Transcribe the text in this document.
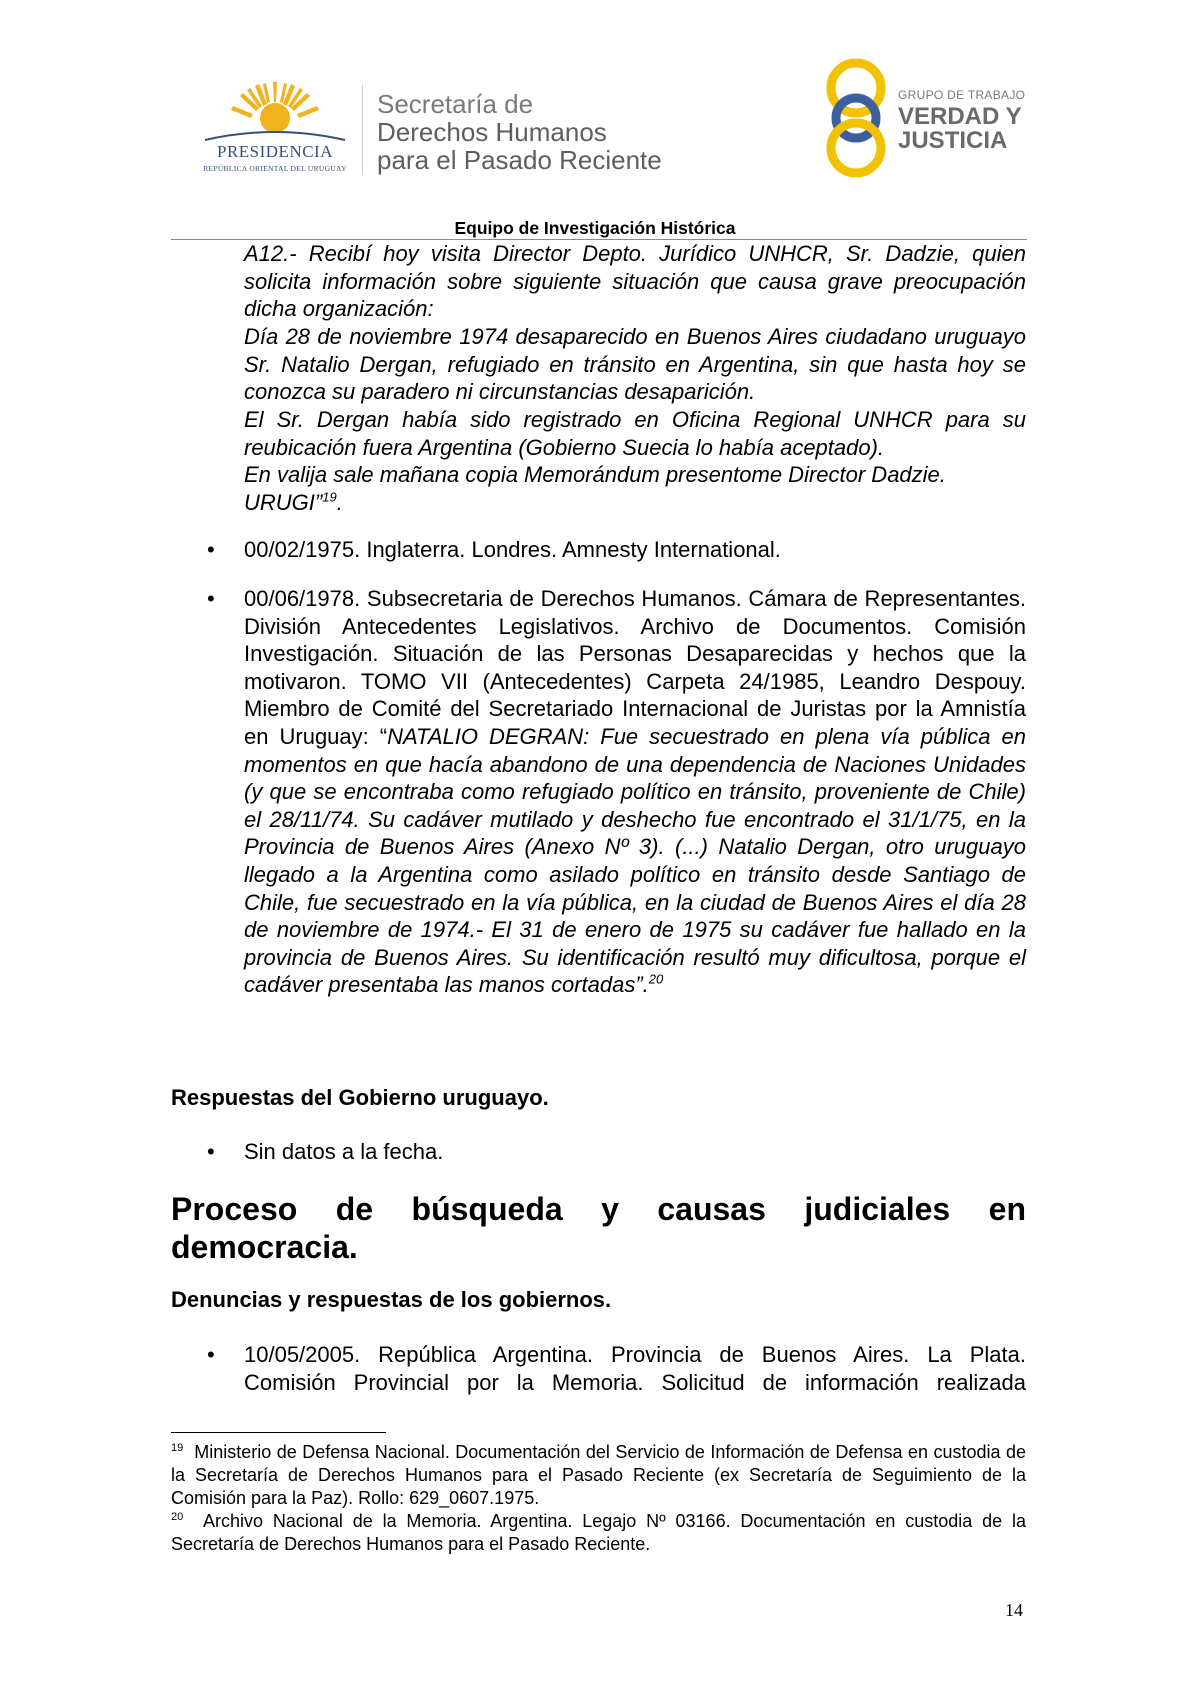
PRESIDENCIA
REPÚBLICA ORIENTAL DEL URUGUAY
Secretaría de
Derechos Humanos
para el Pasado Reciente
GRUPO DE TRABAJO
VERDAD Y
JUSTICIA
Equipo de Investigación Histórica
A12.- Recibí hoy visita Director Depto. Jurídico UNHCR, Sr. Dadzie, quien solicita información sobre siguiente situación que causa grave preocupación dicha organización:
Día 28 de noviembre 1974 desaparecido en Buenos Aires ciudadano uruguayo Sr. Natalio Dergan, refugiado en tránsito en Argentina, sin que hasta hoy se conozca su paradero ni circunstancias desaparición.
El Sr. Dergan había sido registrado en Oficina Regional UNHCR para su reubicación fuera Argentina (Gobierno Suecia lo había aceptado).
En valija sale mañana copia Memorándum presentome Director Dadzie.
URUGI”$^{19}$.
• 00/02/1975. Inglaterra. Londres. Amnesty International.
• 00/06/1978. Subsecretaria de Derechos Humanos. Cámara de Representantes. División Antecedentes Legislativos. Archivo de Documentos. Comisión Investigación. Situación de las Personas Desaparecidas y hechos que la motivaron. TOMO VII (Antecedentes) Carpeta 24/1985, Leandro Despouy. Miembro de Comité del Secretariado Internacional de Juristas por la Amnistía en Uruguay: “NATALIO DEGRAN: Fue secuestrado en plena vía pública en momentos en que hacía abandono de una dependencia de Naciones Unidades (y que se encontraba como refugiado político en tránsito, proveniente de Chile) el 28/11/74. Su cadáver mutilado y deshecho fue encontrado el 31/1/75, en la Provincia de Buenos Aires (Anexo Nº 3). (...) Natalio Dergan, otro uruguayo llegado a la Argentina como asilado político en tránsito desde Santiago de Chile, fue secuestrado en la vía pública, en la ciudad de Buenos Aires el día 28 de noviembre de 1974.- El 31 de enero de 1975 su cadáver fue hallado en la provincia de Buenos Aires. Su identificación resultó muy dificultosa, porque el cadáver presentaba las manos cortadas”.$^{20}$
Respuestas del Gobierno uruguayo.
• Sin datos a la fecha.
Proceso de búsqueda y causas judiciales en democracia.
Denuncias y respuestas de los gobiernos.
• 10/05/2005. República Argentina. Provincia de Buenos Aires. La Plata. Comisión Provincial por la Memoria. Solicitud de información realizada
$^{19}$ Ministerio de Defensa Nacional. Documentación del Servicio de Información de Defensa en custodia de la Secretaría de Derechos Humanos para el Pasado Reciente (ex Secretaría de Seguimiento de la Comisión para la Paz). Rollo: 629_0607.1975.
$^{20}$ Archivo Nacional de la Memoria. Argentina. Legajo Nº 03166. Documentación en custodia de la Secretaría de Derechos Humanos para el Pasado Reciente.
14
